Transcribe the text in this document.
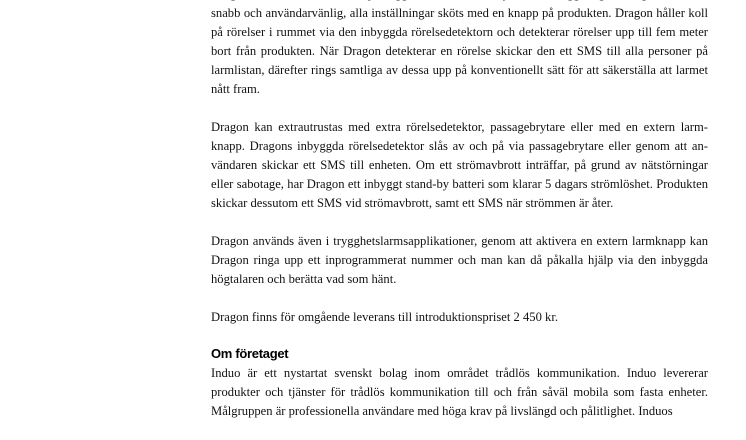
snabb och användarvänlig, alla inställningar sköts med en knapp på produkten. Dragon håller koll på rörelser i rummet via den inbyggda rörelsedetektorn och detekterar rörelser upp till fem meter bort från produkten. När Dragon detekterar en rörelse skickar den ett SMS till alla personer på larmlistan, därefter rings samtliga av dessa upp på konventionellt sätt för att säkerställa att larmet nått fram.

Dragon kan extrautrustas med extra rörelsedetektor, passagebrytare eller med en extern larmknapp. Dragons inbyggda rörelsedetektor slås av och på via passagebrytare eller genom att användaren skickar ett SMS till enheten. Om ett strömavbrott inträffar, på grund av nätstörningar eller sabotage, har Dragon ett inbyggt stand-by batteri som klarar 5 dagars strömlöshet. Produkten skickar dessutom ett SMS vid strömavbrott, samt ett SMS när strömmen är åter.

Dragon används även i trygghetslarmsapplikationer, genom att aktivera en extern larmknapp kan Dragon ringa upp ett inprogrammerat nummer och man kan då påkalla hjälp via den inbyggda högtalaren och berätta vad som hänt.

Dragon finns för omgående leverans till introduktionspriset 2 450 kr.

Om företaget

Induo är ett nystartat svenskt bolag inom området trådlös kommunikation. Induo levererar produkter och tjänster för trådlös kommunikation till och från såväl mobila som fasta enheter. Målgruppen är professionella användare med höga krav på livslängd och pålitlighet. Induos
